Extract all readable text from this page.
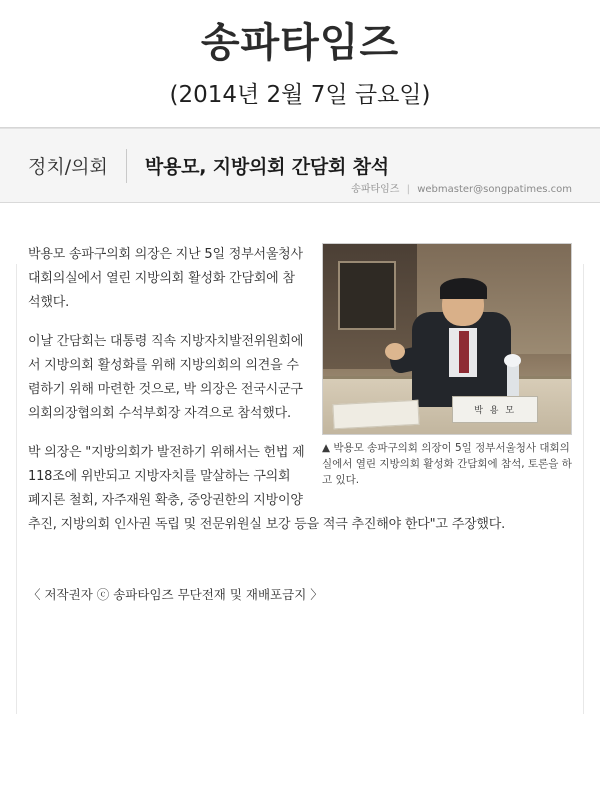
송파타임즈
(2014년 2월 7일 금요일)
정치/의회	박용모, 지방의회 간담회 참석
송파타임즈 | webmaster@songpatimes.com
박 용 모
▲ 박용모 송파구의회 의장이 5일 정부서울청사 대회의실에서 열린 지방의회 활성화 간담회에 참석, 토론을 하고 있다.

박용모 송파구의회 의장은 지난 5일 정부서울청사 대회의실에서 열린 지방의회 활성화 간담회에 참석했다.

이날 간담회는 대통령 직속 지방자치발전위원회에서 지방의회 활성화를 위해 지방의회의 의견을 수렴하기 위해 마련한 것으로, 박 의장은 전국시군구의회의장협의회 수석부회장 자격으로 참석했다.

박 의장은 "지방의회가 발전하기 위해서는 헌법 제118조에 위반되고 지방자치를 말살하는 구의회 폐지론 철회, 자주재원 확충, 중앙권한의 지방이양 추진, 지방의회 인사권 독립 및 전문위원실 보강 등을 적극 추진해야 한다"고 주장했다.

〈 저작권자 ⓒ 송파타임즈 무단전재 및 재배포금지 〉
